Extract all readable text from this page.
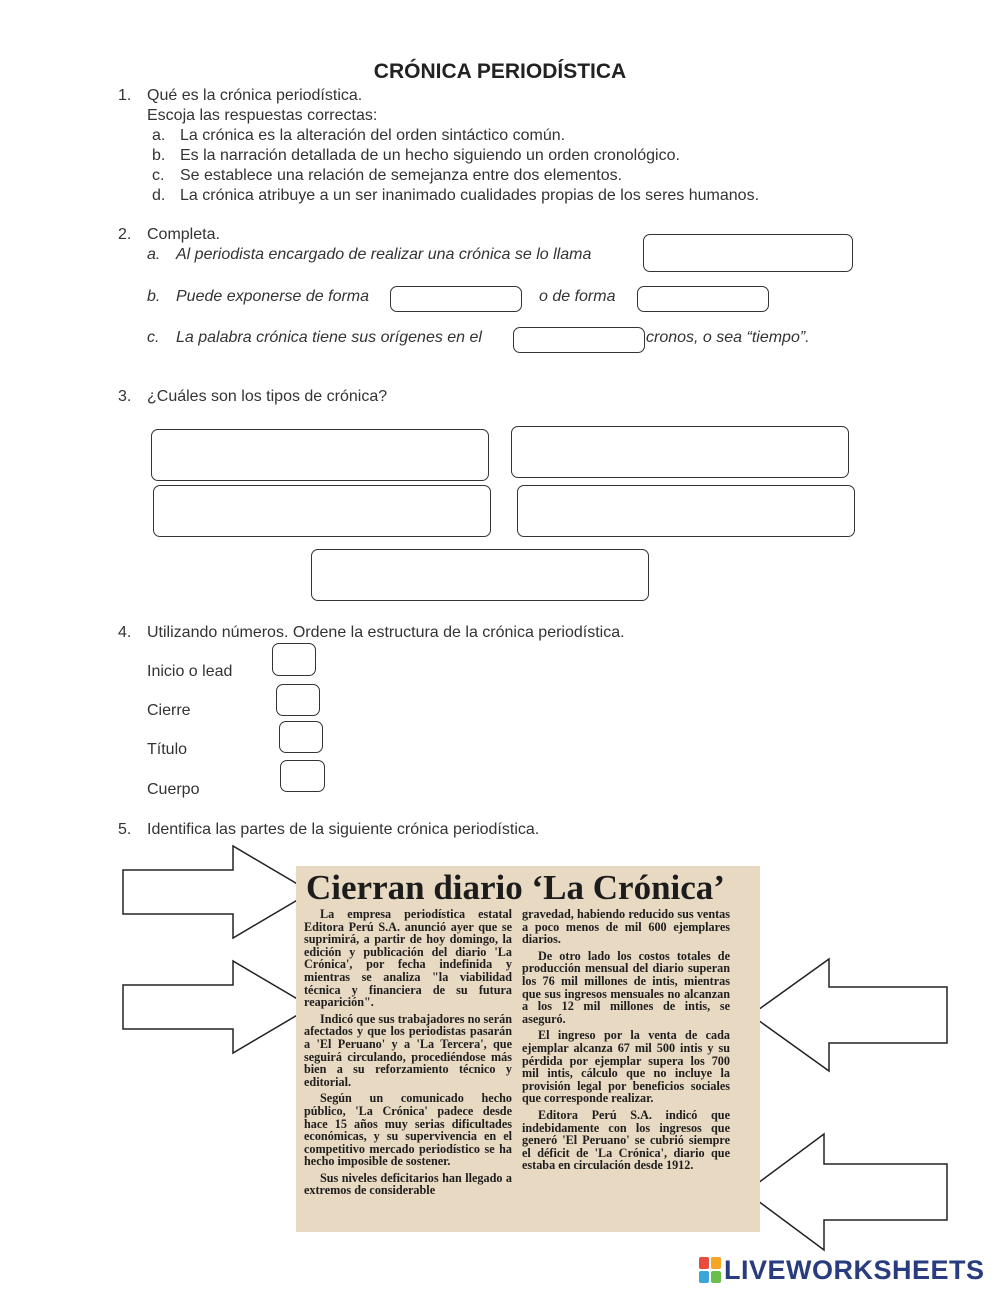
CRÓNICA PERIODÍSTICA
1. Qué es la crónica periodística.
Escoja las respuestas correctas:
a. La crónica es la alteración del orden sintáctico común.
b. Es la narración detallada de un hecho siguiendo un orden cronológico.
c. Se establece una relación de semejanza entre dos elementos.
d. La crónica atribuye a un ser inanimado cualidades propias de los seres humanos.
2. Completa.
a. Al periodista encargado de realizar una crónica se lo llama
b. Puede exponerse de forma	o de forma
c. La palabra crónica tiene sus orígenes en el	cronos, o sea “tiempo”.
3. ¿Cuáles son los tipos de crónica?
4. Utilizando números. Ordene la estructura de la crónica periodística.
Inicio o lead
Cierre
Título
Cuerpo
5. Identifica las partes de la siguiente crónica periodística.
Cierran diario ‘La Crónica’

La empresa periodística estatal Editora Perú S.A. anunció ayer que se suprimirá, a partir de hoy domingo, la edición y publicación del diario 'La Crónica', por fecha indefinida y mientras se analiza "la viabilidad técnica y financiera de su futura reaparición".

Indicó que sus trabajadores no serán afectados y que los periodistas pasarán a 'El Peruano' y a 'La Tercera', que seguirá circulando, procediéndose más bien a su reforzamiento técnico y editorial.

Según un comunicado hecho público, 'La Crónica' padece desde hace 15 años muy serias dificultades económicas, y su supervivencia en el competitivo mercado periodístico se ha hecho imposible de sostener.

Sus niveles deficitarios han llegado a extremos de considerable

gravedad, habiendo reducido sus ventas a poco menos de mil 600 ejemplares diarios.

De otro lado los costos totales de producción mensual del diario superan los 76 mil millones de intis, mientras que sus ingresos mensuales no alcanzan a los 12 mil millones de intis, se aseguró.

El ingreso por la venta de cada ejemplar alcanza 67 mil 500 intis y su pérdida por ejemplar supera los 700 mil intis, cálculo que no incluye la provisión legal por beneficios sociales que corresponde realizar.

Editora Perú S.A. indicó que indebidamente con los ingresos que generó 'El Peruano' se cubrió siempre el déficit de 'La Crónica', diario que estaba en circulación desde 1912.

LIVEWORKSHEETS
